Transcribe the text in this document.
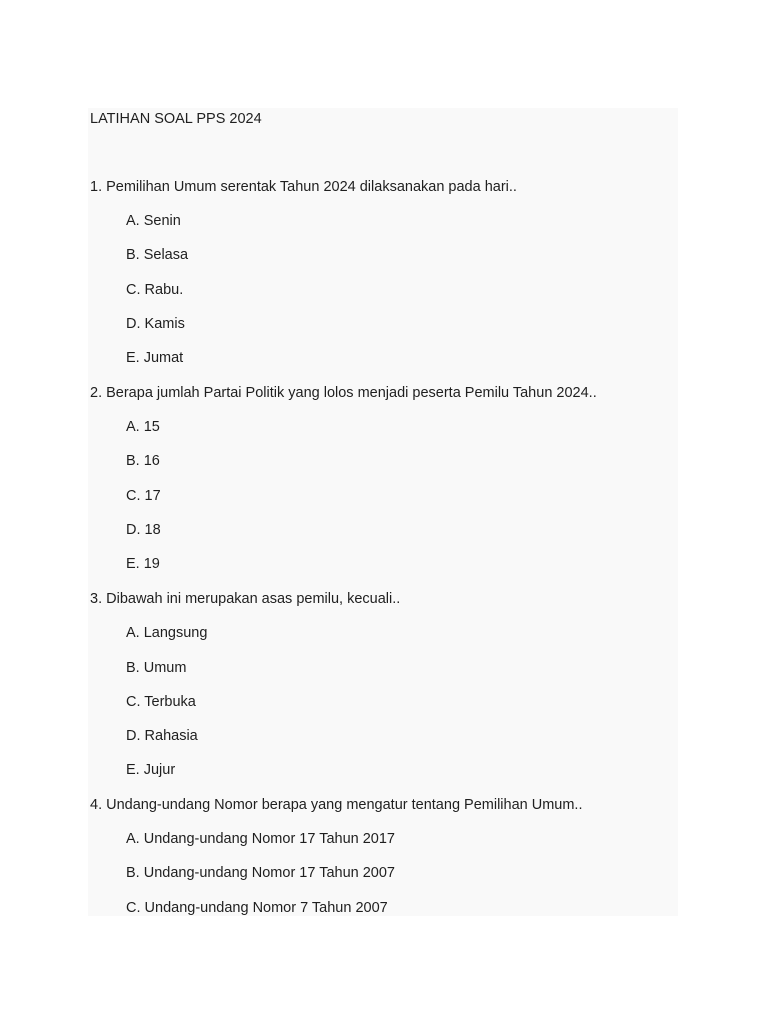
LATIHAN SOAL PPS 2024
1. Pemilihan Umum serentak Tahun 2024 dilaksanakan pada hari..
A. Senin
B. Selasa
C. Rabu.
D. Kamis
E. Jumat
2. Berapa jumlah Partai Politik yang lolos menjadi peserta Pemilu Tahun 2024..
A. 15
B. 16
C. 17
D. 18
E. 19
3. Dibawah ini merupakan asas pemilu, kecuali..
A. Langsung
B. Umum
C. Terbuka
D. Rahasia
E. Jujur
4. Undang-undang Nomor berapa yang mengatur tentang Pemilihan Umum..
A. Undang-undang Nomor 17 Tahun 2017
B. Undang-undang Nomor 17 Tahun 2007
C. Undang-undang Nomor 7 Tahun 2007
